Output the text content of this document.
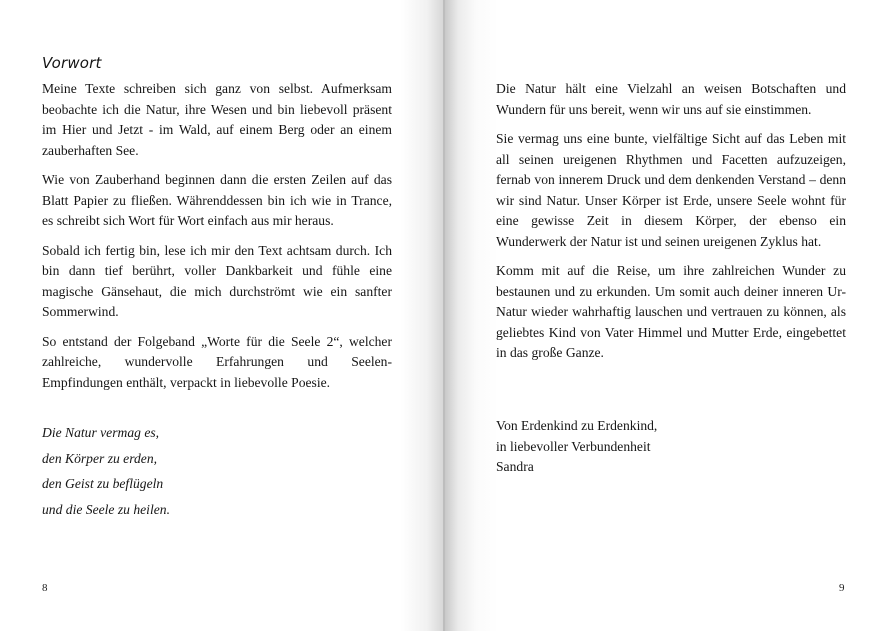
Vorwort

Meine Texte schreiben sich ganz von selbst. Aufmerksam beobachte ich die Natur, ihre Wesen und bin liebevoll präsent im Hier und Jetzt - im Wald, auf einem Berg oder an einem zauberhaften See.

Wie von Zauberhand beginnen dann die ersten Zeilen auf das Blatt Papier zu fließen. Währenddessen bin ich wie in Trance, es schreibt sich Wort für Wort einfach aus mir heraus.

Sobald ich fertig bin, lese ich mir den Text achtsam durch. Ich bin dann tief berührt, voller Dankbarkeit und fühle eine magische Gänsehaut, die mich durchströmt wie ein sanfter Sommerwind.

So entstand der Folgeband „Worte für die Seele 2“, welcher zahlreiche, wundervolle Erfahrungen und Seelen-Empfindungen enthält, verpackt in liebevolle Poesie.

Die Natur vermag es,
den Körper zu erden,
den Geist zu beflügeln
und die Seele zu heilen.
8

Die Natur hält eine Vielzahl an weisen Botschaften und Wundern für uns bereit, wenn wir uns auf sie einstimmen.

Sie vermag uns eine bunte, vielfältige Sicht auf das Leben mit all seinen ureigenen Rhythmen und Facetten aufzuzeigen, fernab von innerem Druck und dem denkenden Verstand – denn wir sind Natur. Unser Körper ist Erde, unsere Seele wohnt für eine gewisse Zeit in diesem Körper, der ebenso ein Wunderwerk der Natur ist und seinen ureigenen Zyklus hat.

Komm mit auf die Reise, um ihre zahlreichen Wunder zu bestaunen und zu erkunden. Um somit auch deiner inneren Ur-Natur wieder wahrhaftig lauschen und vertrauen zu können, als geliebtes Kind von Vater Himmel und Mutter Erde, eingebettet in das große Ganze.

Von Erdenkind zu Erdenkind,
in liebevoller Verbundenheit
Sandra
9
